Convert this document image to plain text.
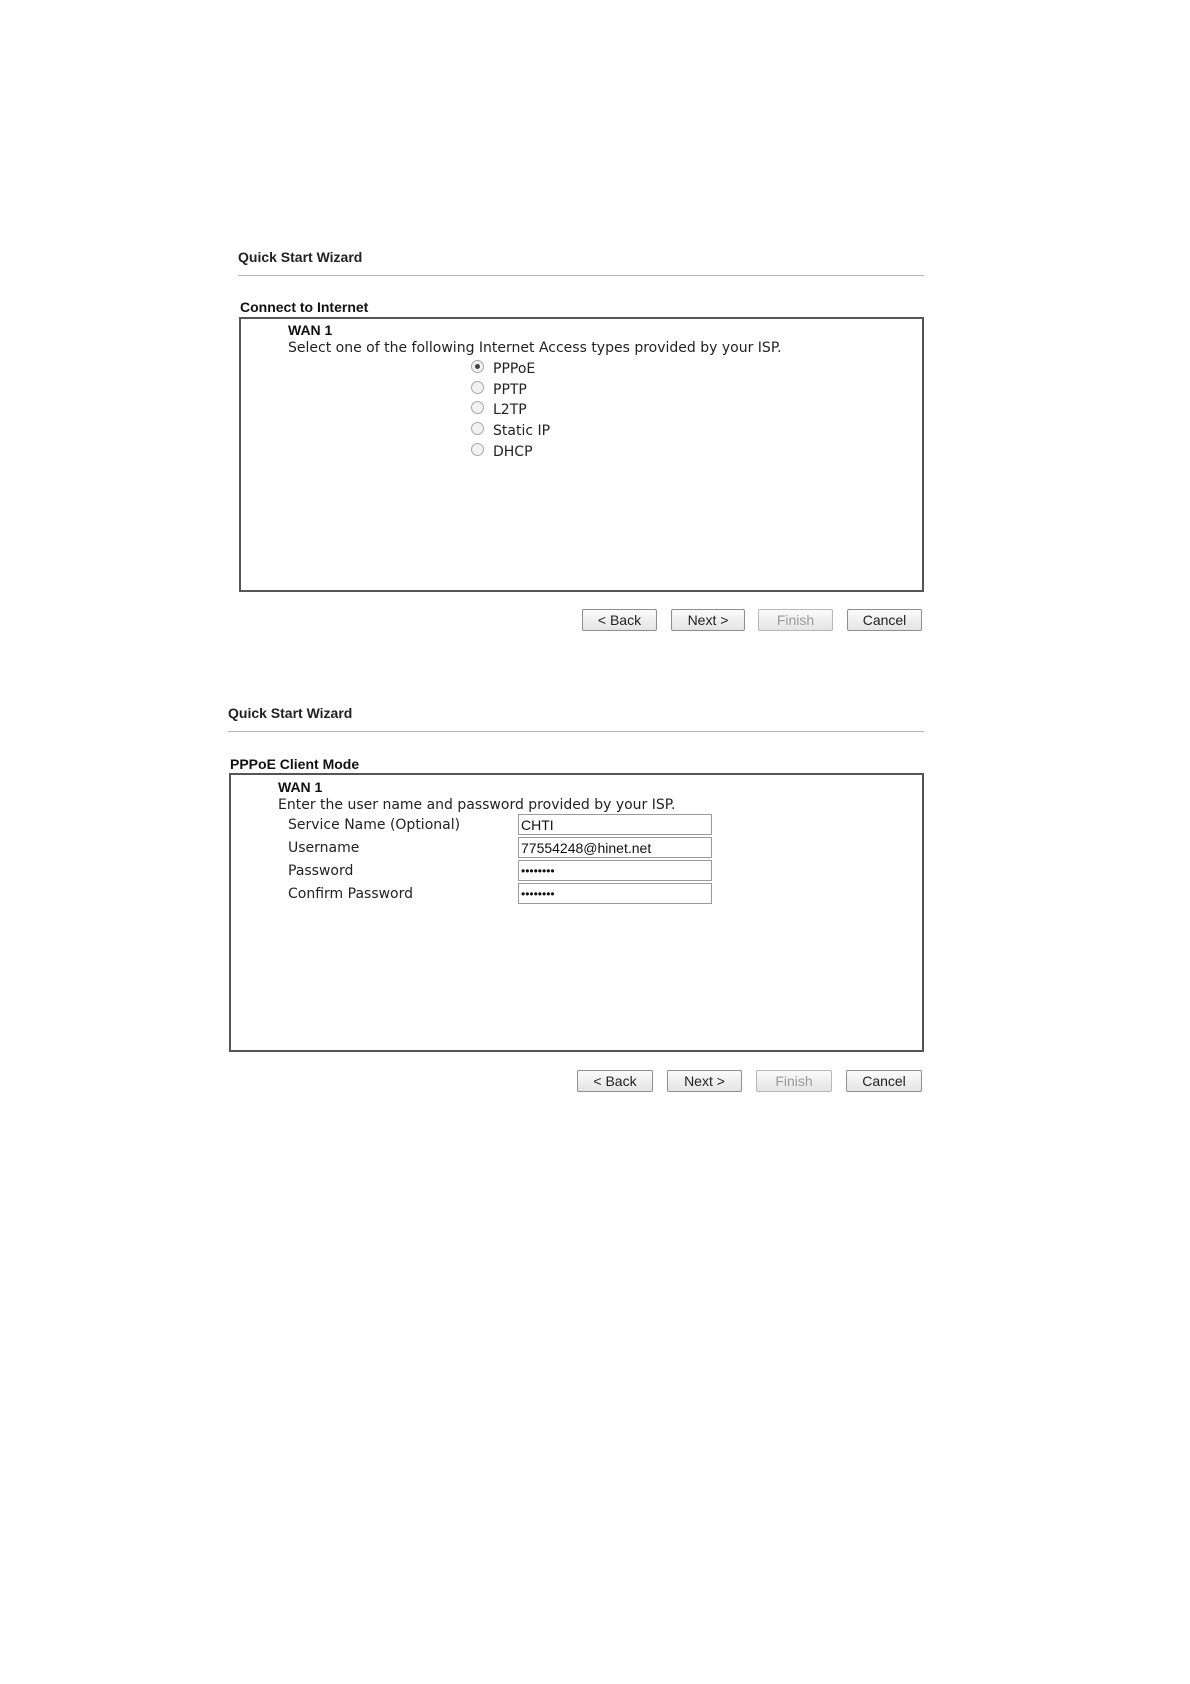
Quick Start Wizard
Connect to Internet
WAN 1
Select one of the following Internet Access types provided by your ISP.
PPPoE
PPTP
L2TP
Static IP
DHCP
< Back	Next >	Finish	Cancel
Quick Start Wizard
PPPoE Client Mode
WAN 1
Enter the user name and password provided by your ISP.
Service Name (Optional)	CHTI
Username	77554248@hinet.net
Password	••••••••
Confirm Password	••••••••
< Back	Next >	Finish	Cancel
